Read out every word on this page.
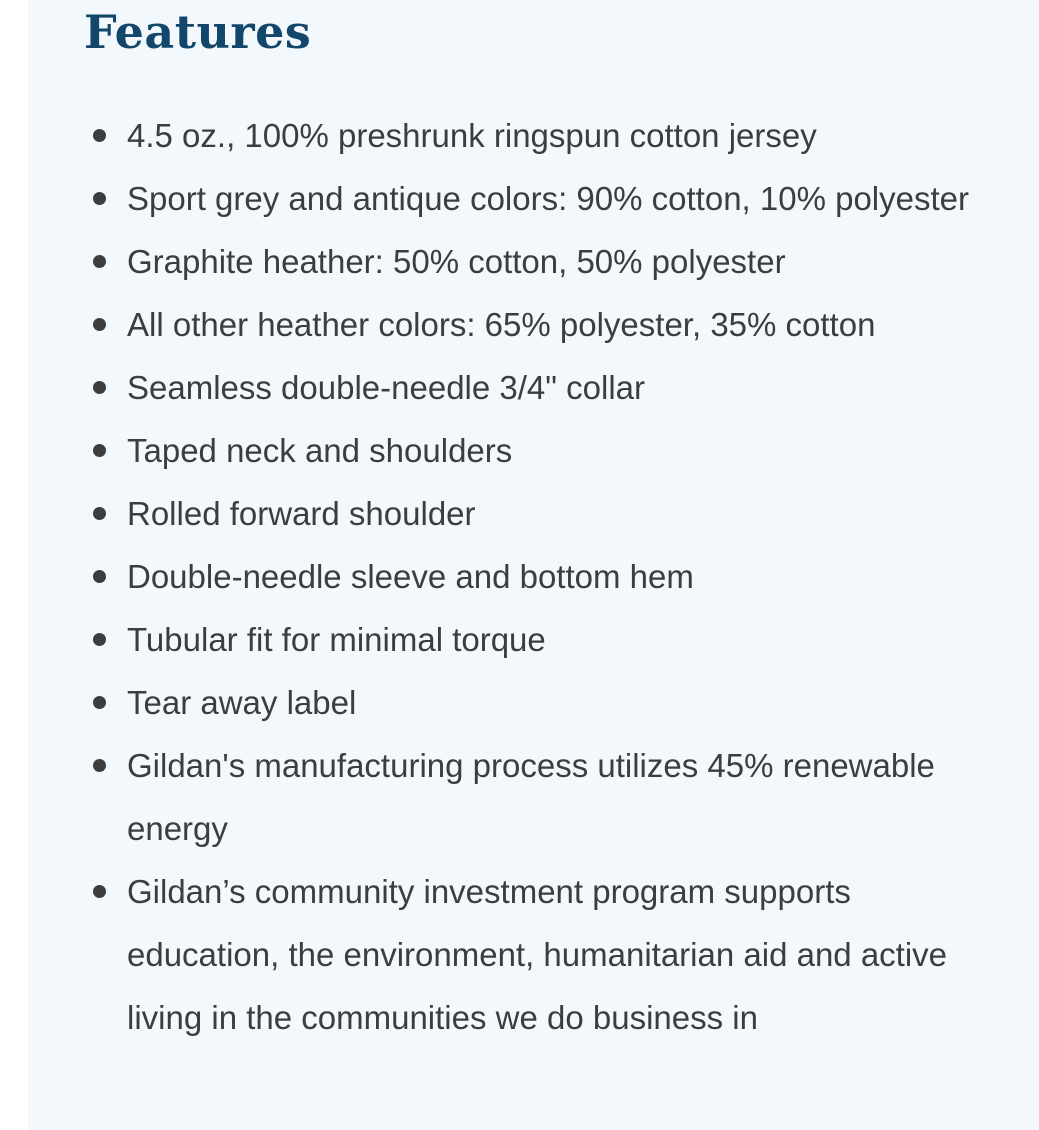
Features
4.5 oz., 100% preshrunk ringspun cotton jersey
Sport grey and antique colors: 90% cotton, 10% polyester
Graphite heather: 50% cotton, 50% polyester
All other heather colors: 65% polyester, 35% cotton
Seamless double-needle 3/4" collar
Taped neck and shoulders
Rolled forward shoulder
Double-needle sleeve and bottom hem
Tubular fit for minimal torque
Tear away label
Gildan's manufacturing process utilizes 45% renewable energy
Gildan’s community investment program supports education, the environment, humanitarian aid and active living in the communities we do business in
